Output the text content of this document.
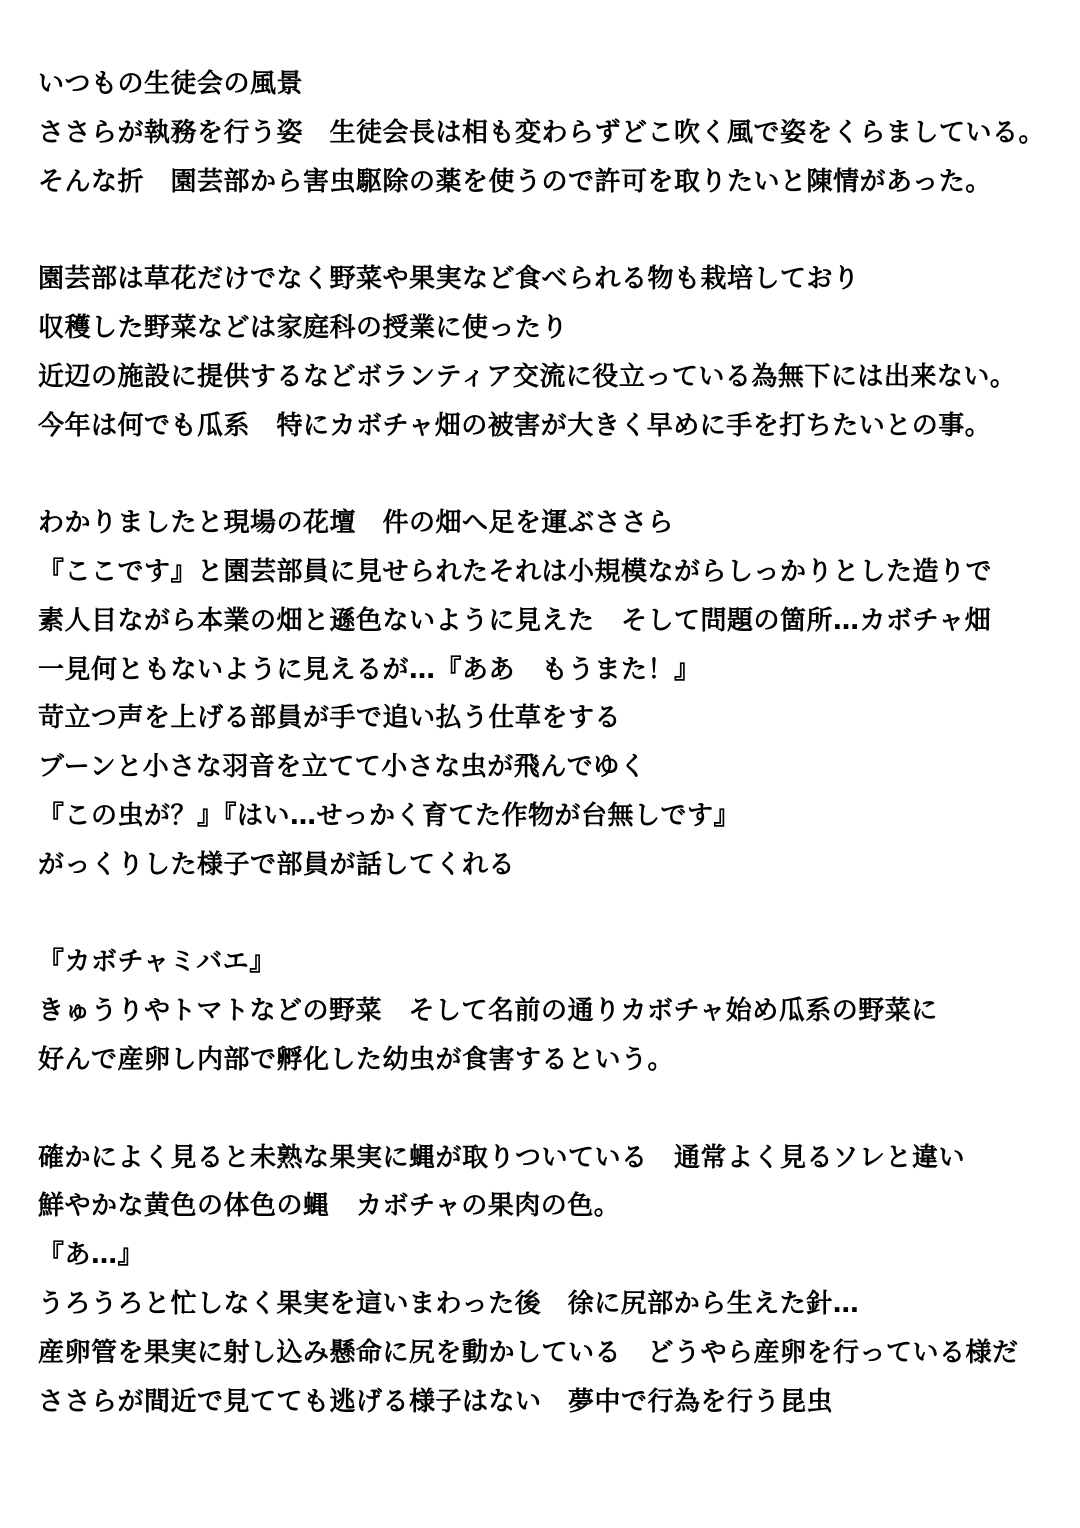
いつもの生徒会の風景
ささらが執務を行う姿　生徒会長は相も変わらずどこ吹く風で姿をくらましている。
そんな折　園芸部から害虫駆除の薬を使うので許可を取りたいと陳情があった。
園芸部は草花だけでなく野菜や果実など食べられる物も栽培しており
収穫した野菜などは家庭科の授業に使ったり
近辺の施設に提供するなどボランティア交流に役立っている為無下には出来ない。
今年は何でも瓜系　特にカボチャ畑の被害が大きく早めに手を打ちたいとの事。
わかりましたと現場の花壇　件の畑へ足を運ぶささら
『ここです』と園芸部員に見せられたそれは小規模ながらしっかりとした造りで
素人目ながら本業の畑と遜色ないように見えた　そして問題の箇所…カボチャ畑
一見何ともないように見えるが…『ああ　もうまた！』
苛立つ声を上げる部員が手で追い払う仕草をする
ブーンと小さな羽音を立てて小さな虫が飛んでゆく
『この虫が？』『はい…せっかく育てた作物が台無しです』
がっくりした様子で部員が話してくれる
『カボチャミバエ』
きゅうりやトマトなどの野菜　そして名前の通りカボチャ始め瓜系の野菜に
好んで産卵し内部で孵化した幼虫が食害するという。
確かによく見ると未熟な果実に蝿が取りついている　通常よく見るソレと違い
鮮やかな黄色の体色の蝿　カボチャの果肉の色。
『あ…』
うろうろと忙しなく果実を這いまわった後　徐に尻部から生えた針…
産卵管を果実に射し込み懸命に尻を動かしている　どうやら産卵を行っている様だ
ささらが間近で見てても逃げる様子はない　夢中で行為を行う昆虫
